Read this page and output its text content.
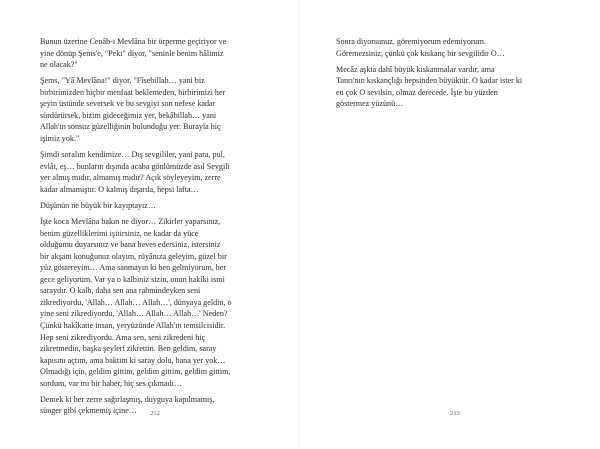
Bunun üzerine Cenâb-ı Mevlâna bir ürperme geçiriyor ve
yine dönüp Şems'e, "Peki" diyor, "seninle benim hâlimiz
ne olacak?"

Şems, "Yâ Mevlâna!" diyor, "Fîsebillah… yani biz
birbirimizden hiçbir menfaat beklemeden, birbirimizi her
şeyin üstünde seversek ve bu sevgiyi son nefese kadar
sürdürürsek, bizim gideceğimiz yer, bekâbillah… yani
Allah'ın sonsuz güzelliğinin bulunduğu yer. Burayla hiç
işimiz yok."

Şimdi soralım kendimize… Dış sevgililer, yani para, pul,
evlât, eş… bunların dışında acaba gönlümüzde asıl Sevgili
yer almış mıdır, almamış mıdır? Açık söyleyeyim, zerre
kadar almamıştır. O kalmış dışarda, hepsi lafta…

Düşünün ne büyük bir kayıptayız…

İşte koca Mevlâna bakın ne diyor… Zikirler yaparsınız,
benim güzelliklerimi işitirsiniz, ne kadar da yüce
olduğumu duyarsınız ve bana heves edersiniz, istersiniz
bir akşam konuğunuz olayım, rüyânıza geleyim, güzel bir
yüz göstereyim… Ama sanmayın ki ben gelmiyorum, her
gece geliyorum. Var ya o kalbiniz sizin, onun hakîki ismi
saraydır. O kalb, daha sen ana rahmindeyken seni
zikrediyordu, 'Allah… Allah… Allah…', dünyaya geldin, o
yine seni zikrediyordu, 'Allah… Allah… Allah…' Neden?
Çünkü hakîkatte insan, yeryüzünde Allah'ın temsilcisidir.
Hep seni zikrediyordu. Ama sen, seni zikredeni hiç
zikretmedin, başka şeyleri zikrettin. Ben geldim, saray
kapısını açtım, ama baktım ki saray dolu, bana yer yok…
Olmadığı için, geldim gittim, geldim gittim, geldim gittim,
sordum, var mı bir haber, hiç ses çıkmadı…

Demek ki her zerre sağırlaşmış, duyguya kapılmamış,
sünger gibi çekmemiş içine…	212

Sonra diyorsunuz, göremiyorum edemiyorum.
Göremezsiniz, çünkü çok kıskanç bir sevgilidir O…

Mecâz aşkta dahî büyük kıskanmalar vardır, ama
Tanrı'nın kıskançlığı hepsinden büyüktür. O kadar ister ki
en çok O sevilsin, olmaz derecede. İşte bu yüzden
göstermez yüzünü…

213
